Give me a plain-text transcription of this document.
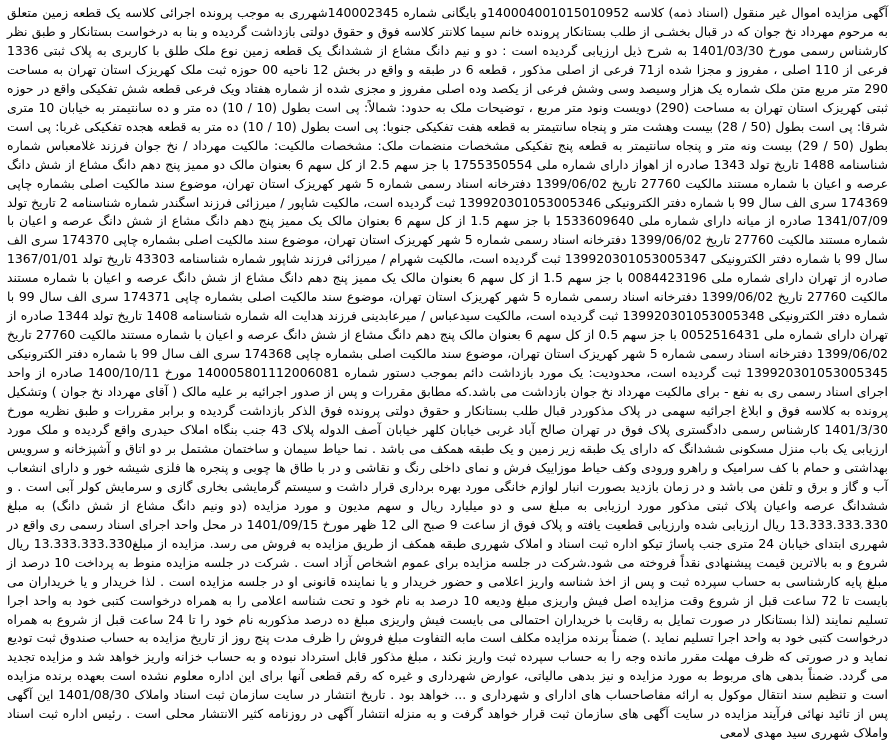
آگهی مزایده اموال غیر منقول (اسناد ذمه) کلاسه 140004001015010952و بایگانی شماره 140002345شهرری به موجب پرونده اجرائی کلاسه یک قطعه زمین متعلق به مرحوم مهرداد نخ جوان که در قبال بخشـی از طلب بستانکار پرونده خانم سیما کلانتر کلاسه فوق و حقوق دولتی بازداشت گردیده و بنا به درخواست بستانکار و طبق نظر کارشناس رسمی مورخ 1401/03/30 به شرح ذیل ارزیابی گردیده است : دو و نیم دانگ مشاع از ششدانگ یک قطعه زمین نوع ملک طلق با کاربری به پلاک ثبتی 1336 فرعی از 110 اصلی ، مفروز و مجزا شده از71 فرعی از اصلی مذکور ، قطعه 6 در طبقه و واقع در بخش 12 ناحیه 00 حوزه ثبت ملک کهریزک استان تهران به مساحت 290 متر مربع متن ملک شماره یک هزار وسیصد وسی وشش فرعی از یکصد وده اصلی مفروز و مجزی شده از شماره هفتاد ویک فرعی قطعه شش تفکیکی واقع در حوزه ثبتی کهریزک استان تهران به مساحت (290) دویست ونود متر مربع ، توضیحات ملک به حدود: شمالاً: پی است بطول (10 / 10) ده متر و ده سانتیمتر به خیابان 10 متری شرقا: پی است بطول (50 / 28) بیست وهشت متر و پنجاه سانتیمتر به قطعه هفت تفکیکی جنوبا: پی است بطول (10 / 10) ده متر به قطعه هجده تفکیکی غربا: پی است بطول (50 / 29) بیست ونه متر و پنجاه سانتیمتر به قطعه پنج تفکیکی مشخصات منضمات ملک: مشخصات مالکیت: مالکیت مهرداد / نخ جوان فرزند غلامعباس شماره شناسنامه 1488 تاریخ تولد 1343 صادره از اهواز دارای شماره ملی 1755350554 با جز سهم 2.5 از کل سهم 6 بعنوان مالک دو ممیز پنج دهم دانگ مشاع از شش دانگ عرصه و اعیان با شماره مستند مالکیت 27760 تاریخ 1399/06/02 دفترخانه اسناد رسمی شماره 5 شهر کهریزک استان تهران، موضوع سند مالکیت اصلی بشماره چاپی 174369 سری الف سال 99 با شماره دفتر الکترونیکی 139920301053005346 ثبت گردیده است، مالکیت شاپور / میرزائی فرزند اسگندر شماره شناسنامه 2 تاریخ تولد 1341/07/09 صادره از میانه دارای شماره ملی 1533609640 با جز سهم 1.5 از کل سهم 6 بعنوان مالک یک ممیز پنج دهم دانگ مشاع از شش دانگ عرصه و اعیان با شماره مستند مالکیت 27760 تاریخ 1399/06/02 دفترخانه اسناد رسمی شماره 5 شهر کهریزک استان تهران، موضوع سند مالکیت اصلی بشماره چاپی 174370 سری الف سال 99 با شماره دفتر الکترونیکی 139920301053005347 ثبت گردیده است، مالکیت شهرام / میرزائی فرزند شاپور شماره شناسنامه 43303 تاریخ تولد 1367/01/01 صادره از تهران دارای شماره ملی 0084423196 با جز سهم 1.5 از کل سهم 6 بعنوان مالک یک ممیز پنج دهم دانگ مشاع از شش دانگ عرصه و اعیان با شماره مستند مالکیت 27760 تاریخ 1399/06/02 دفترخانه اسناد رسمی شماره 5 شهر کهریزک استان تهران، موضوع سند مالکیت اصلی بشماره چاپی 174371 سری الف سال 99 با شماره دفتر الکترونیکی 139920301053005348 ثبت گردیده است، مالکیت سیدعباس / میرعابدینی فرزند هدایت اله شماره شناسنامه 1408 تاریخ تولد 1344 صادره از تهران دارای شماره ملی 0052516431 با جز سهم 0.5 از کل سهم 6 بعنوان مالک پنج دهم دانگ مشاع از شش دانگ عرصه و اعیان با شماره مستند مالکیت 27760 تاریخ 1399/06/02 دفترخانه اسناد رسمی شماره 5 شهر کهریزک استان تهران، موضوع سند مالکیت اصلی بشماره چاپی 174368 سری الف سال 99 با شماره دفتر الکترونیکی 139920301053005345 ثبت گردیده است، محدودیت: یک مورد بازداشت دائم بموجب دستور شماره 140005801112006081 مورخ 1400/10/11 صادره از واحد اجرای اسناد رسمی ری به نفع - برای مالکیت مهرداد نخ جوان بازداشت می باشد.که مطابق مقررات و پس از صدور اجرائیه بر علیه مالک ( آقای مهرداد نخ جوان ) وتشکیل پرونده به کلاسه فوق و ابلاغ اجرائیه سهمی در پلاک مذکوردر قبال طلب بستانکار و حقوق دولتی پرونده فوق الذکر بازداشت گردیده و برابر مقررات و طبق نظریه مورخ 1401/3/30 کارشناس رسمی دادگستری پلاک فوق در تهران صالح آباد غربی خیابان کلهر خیابان آصف الدوله پلاک 43 جنب بنگاه املاک حیدری واقع گردیده و ملک مورد ارزیابی یک باب منزل مسکونی ششدانگ که دارای یک طبقه زیر زمین و یک طبقه همکف می باشد . نما حیاط سیمان و ساختمان مشتمل بر دو اتاق و آشپزخانه و سرویس بهداشتی و حمام با کف سرامیک و راهرو ورودی وکف حیاط موزاییک فرش و نمای داخلی رنگ و نقاشی و در با طاق ها چوبی و پنجره ها فلزی شیشه خور و دارای انشعاب آب و گاز و برق و تلفن می باشد و در زمان بازدید بصورت انبار لوازم خانگی مورد بهره برداری قرار داشت و سیستم گرمایشی بخاری گازی و سرمایش کولر آبی است . و ششدانگ عرصه واعیان پلاک ثبتی مذکور مورد ارزیابی به مبلغ سی و دو میلیارد ریال و سهم مدیون و مورد مزایده (دو ونیم دانگ مشاع از شش دانگ) به مبلغ 13.333.333.330 ریال ارزیابی شده وارزیابی قطعیت یافته و پلاک فوق از ساعت 9 صبح الی 12 ظهر مورخ 1401/09/15 در محل واحد اجرای اسناد رسمی ری واقع در شهرری ابتدای خیابان 24 متری جنب پاساژ تیکو اداره ثبت اسناد و املاک شهرری طبقه همکف از طریق مزایده به فروش می رسد. مزایده از مبلغ13.333.333.330 ریال شروع و به بالاترین قیمت پیشنهادی نقداً فروخته می شود.شرکت در جلسه مزایده برای عموم اشخاص آزاد است . شرکت در جلسه مزایده منوط به پرداخت 10 درصد از مبلغ پایه کارشناسی به حساب سپرده ثبت و پس از اخذ شناسه واریز اعلامی و حضور خریدار و یا نماینده قانونی او در جلسه مزایده است . لذا خریدار و یا خریداران می بایست تا 72 ساعت قبل از شروع وقت مزایده اصل فیش واریزی مبلغ ودیعه 10 درصد به نام خود و تحت شناسه اعلامی را به همراه درخواست کتبی خود به واحد اجرا تسلیم نمایند (لذا بستانکار در صورت تمایل به رقابت با خریداران احتمالی می بایست فیش واریزی مبلغ ده درصد مذکوربه نام خود را تا 24 ساعت قبل از شروع به همراه درخواست کتبی خود به واحد اجرا تسلیم نماید .) ضمناً برنده مزایده مکلف است مابه التفاوت مبلغ فروش را ظرف مدت پنج روز از تاریخ مزایده به حساب صندوق ثبت تودیع نماید و در صورتی که ظرف مهلت مقرر مانده وجه را به حساب سپرده ثبت واریز نکند ، مبلغ مذکور قابل استرداد نبوده و به حساب خزانه واریز خواهد شد و مزایده تجدید می گردد. ضمناً بدهی های مربوط به مورد مزایده و نیز بدهی مالیاتی، عوارض شهرداری و غیره که رقم قطعی آنها برای این اداره معلوم نشده است بعهده برنده مزایده است و تنظیم سند انتقال موکول به ارائه مفاصاحساب های ادارای و شهرداری و ... خواهد بود . تاریخ انتشار در سایت سازمان ثبت اسناد واملاک 1401/08/30 این آگهی پس از تائید نهائی فرآیند مزایده در سایت آگهی های سازمان ثبت قرار خواهد گرفت و به منزله انتشار آگهی در روزنامه کثیر الانتشار محلی است . رئیس اداره ثبت اسناد واملاک شهرری سید مهدی لامعی
